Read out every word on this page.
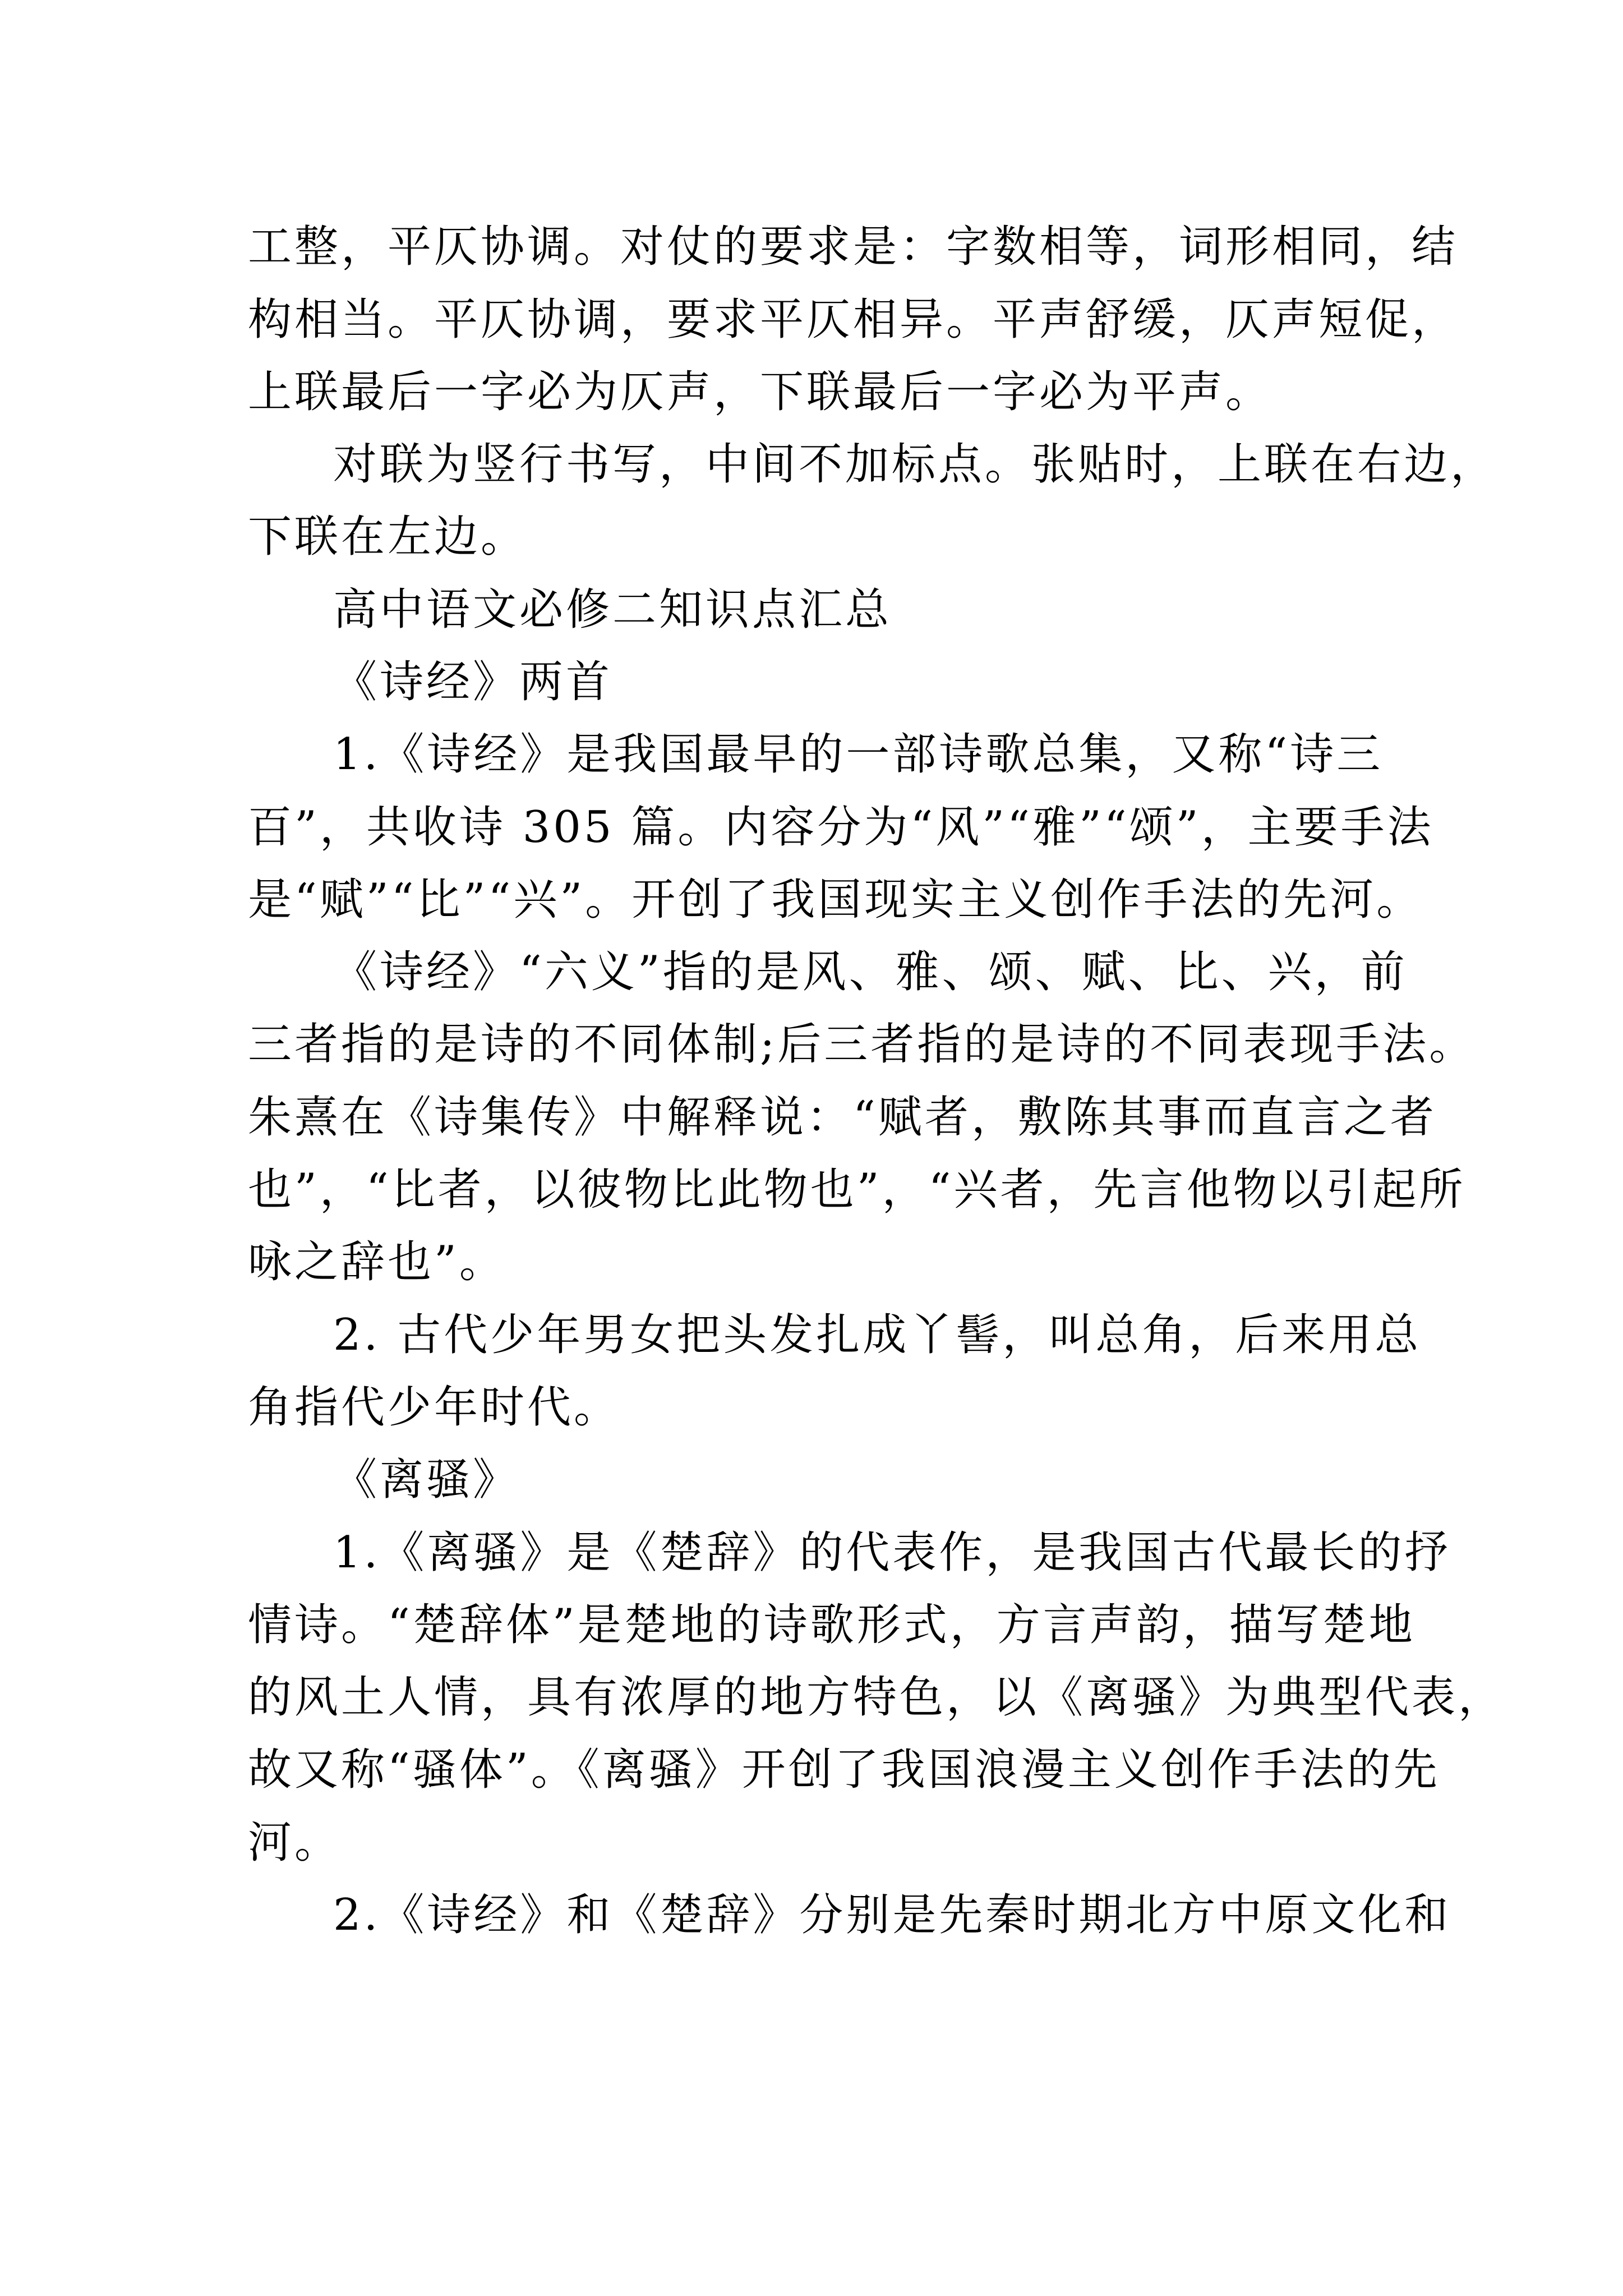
工整，平仄协调。对仗的要求是：字数相等，词形相同，结
构相当。平仄协调，要求平仄相异。平声舒缓，仄声短促，
上联最后一字必为仄声，下联最后一字必为平声。
对联为竖行书写，中间不加标点。张贴时，上联在右边，
下联在左边。
高中语文必修二知识点汇总
《诗经》两首
1.《诗经》是我国最早的一部诗歌总集，又称“诗三
百”，共收诗 305 篇。内容分为“风”“雅”“颂”，主要手法
是“赋”“比”“兴”。开创了我国现实主义创作手法的先河。
《诗经》“六义”指的是风、雅、颂、赋、比、兴，前
三者指的是诗的不同体制;后三者指的是诗的不同表现手法。
朱熹在《诗集传》中解释说：“赋者，敷陈其事而直言之者
也”，“比者，以彼物比此物也”，“兴者，先言他物以引起所
咏之辞也”。
2. 古代少年男女把头发扎成丫髻，叫总角，后来用总
角指代少年时代。
《离骚》
1.《离骚》是《楚辞》的代表作，是我国古代最长的抒
情诗。“楚辞体”是楚地的诗歌形式，方言声韵，描写楚地
的风土人情，具有浓厚的地方特色，以《离骚》为典型代表，
故又称“骚体”。《离骚》开创了我国浪漫主义创作手法的先
河。
2.《诗经》和《楚辞》分别是先秦时期北方中原文化和
